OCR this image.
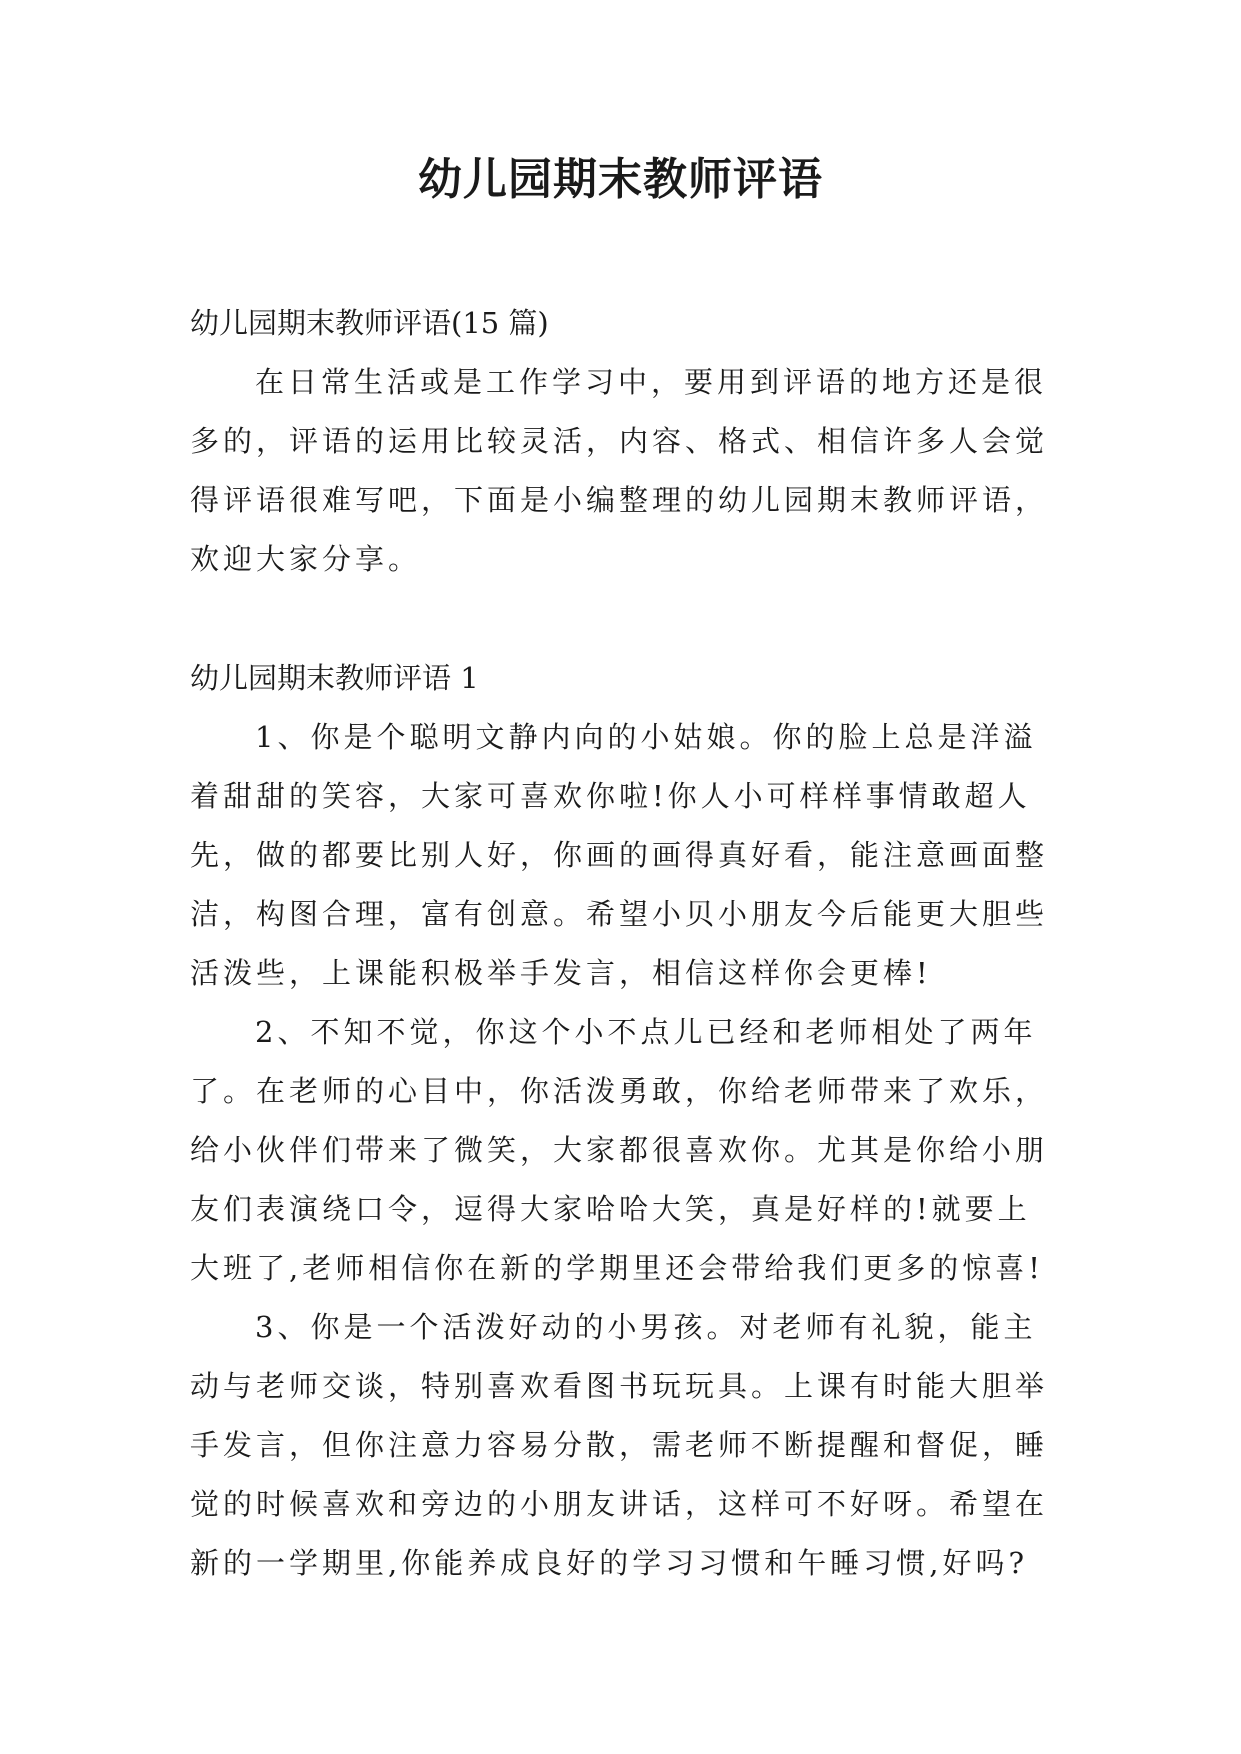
幼儿园期末教师评语

幼儿园期末教师评语(15 篇)

在日常生活或是工作学习中，要用到评语的地方还是很

多的，评语的运用比较灵活，内容、格式、相信许多人会觉

得评语很难写吧，下面是小编整理的幼儿园期末教师评语，

欢迎大家分享。

幼儿园期末教师评语 1

1、你是个聪明文静内向的小姑娘。你的脸上总是洋溢

着甜甜的笑容，大家可喜欢你啦!你人小可样样事情敢超人

先，做的都要比别人好，你画的画得真好看，能注意画面整

洁，构图合理，富有创意。希望小贝小朋友今后能更大胆些

活泼些，上课能积极举手发言，相信这样你会更棒!

2、不知不觉，你这个小不点儿已经和老师相处了两年

了。在老师的心目中，你活泼勇敢，你给老师带来了欢乐，

给小伙伴们带来了微笑，大家都很喜欢你。尤其是你给小朋

友们表演绕口令，逗得大家哈哈大笑，真是好样的!就要上

大班了,老师相信你在新的学期里还会带给我们更多的惊喜!

3、你是一个活泼好动的小男孩。对老师有礼貌，能主

动与老师交谈，特别喜欢看图书玩玩具。上课有时能大胆举

手发言，但你注意力容易分散，需老师不断提醒和督促，睡

觉的时候喜欢和旁边的小朋友讲话，这样可不好呀。希望在

新的一学期里,你能养成良好的学习习惯和午睡习惯,好吗?
